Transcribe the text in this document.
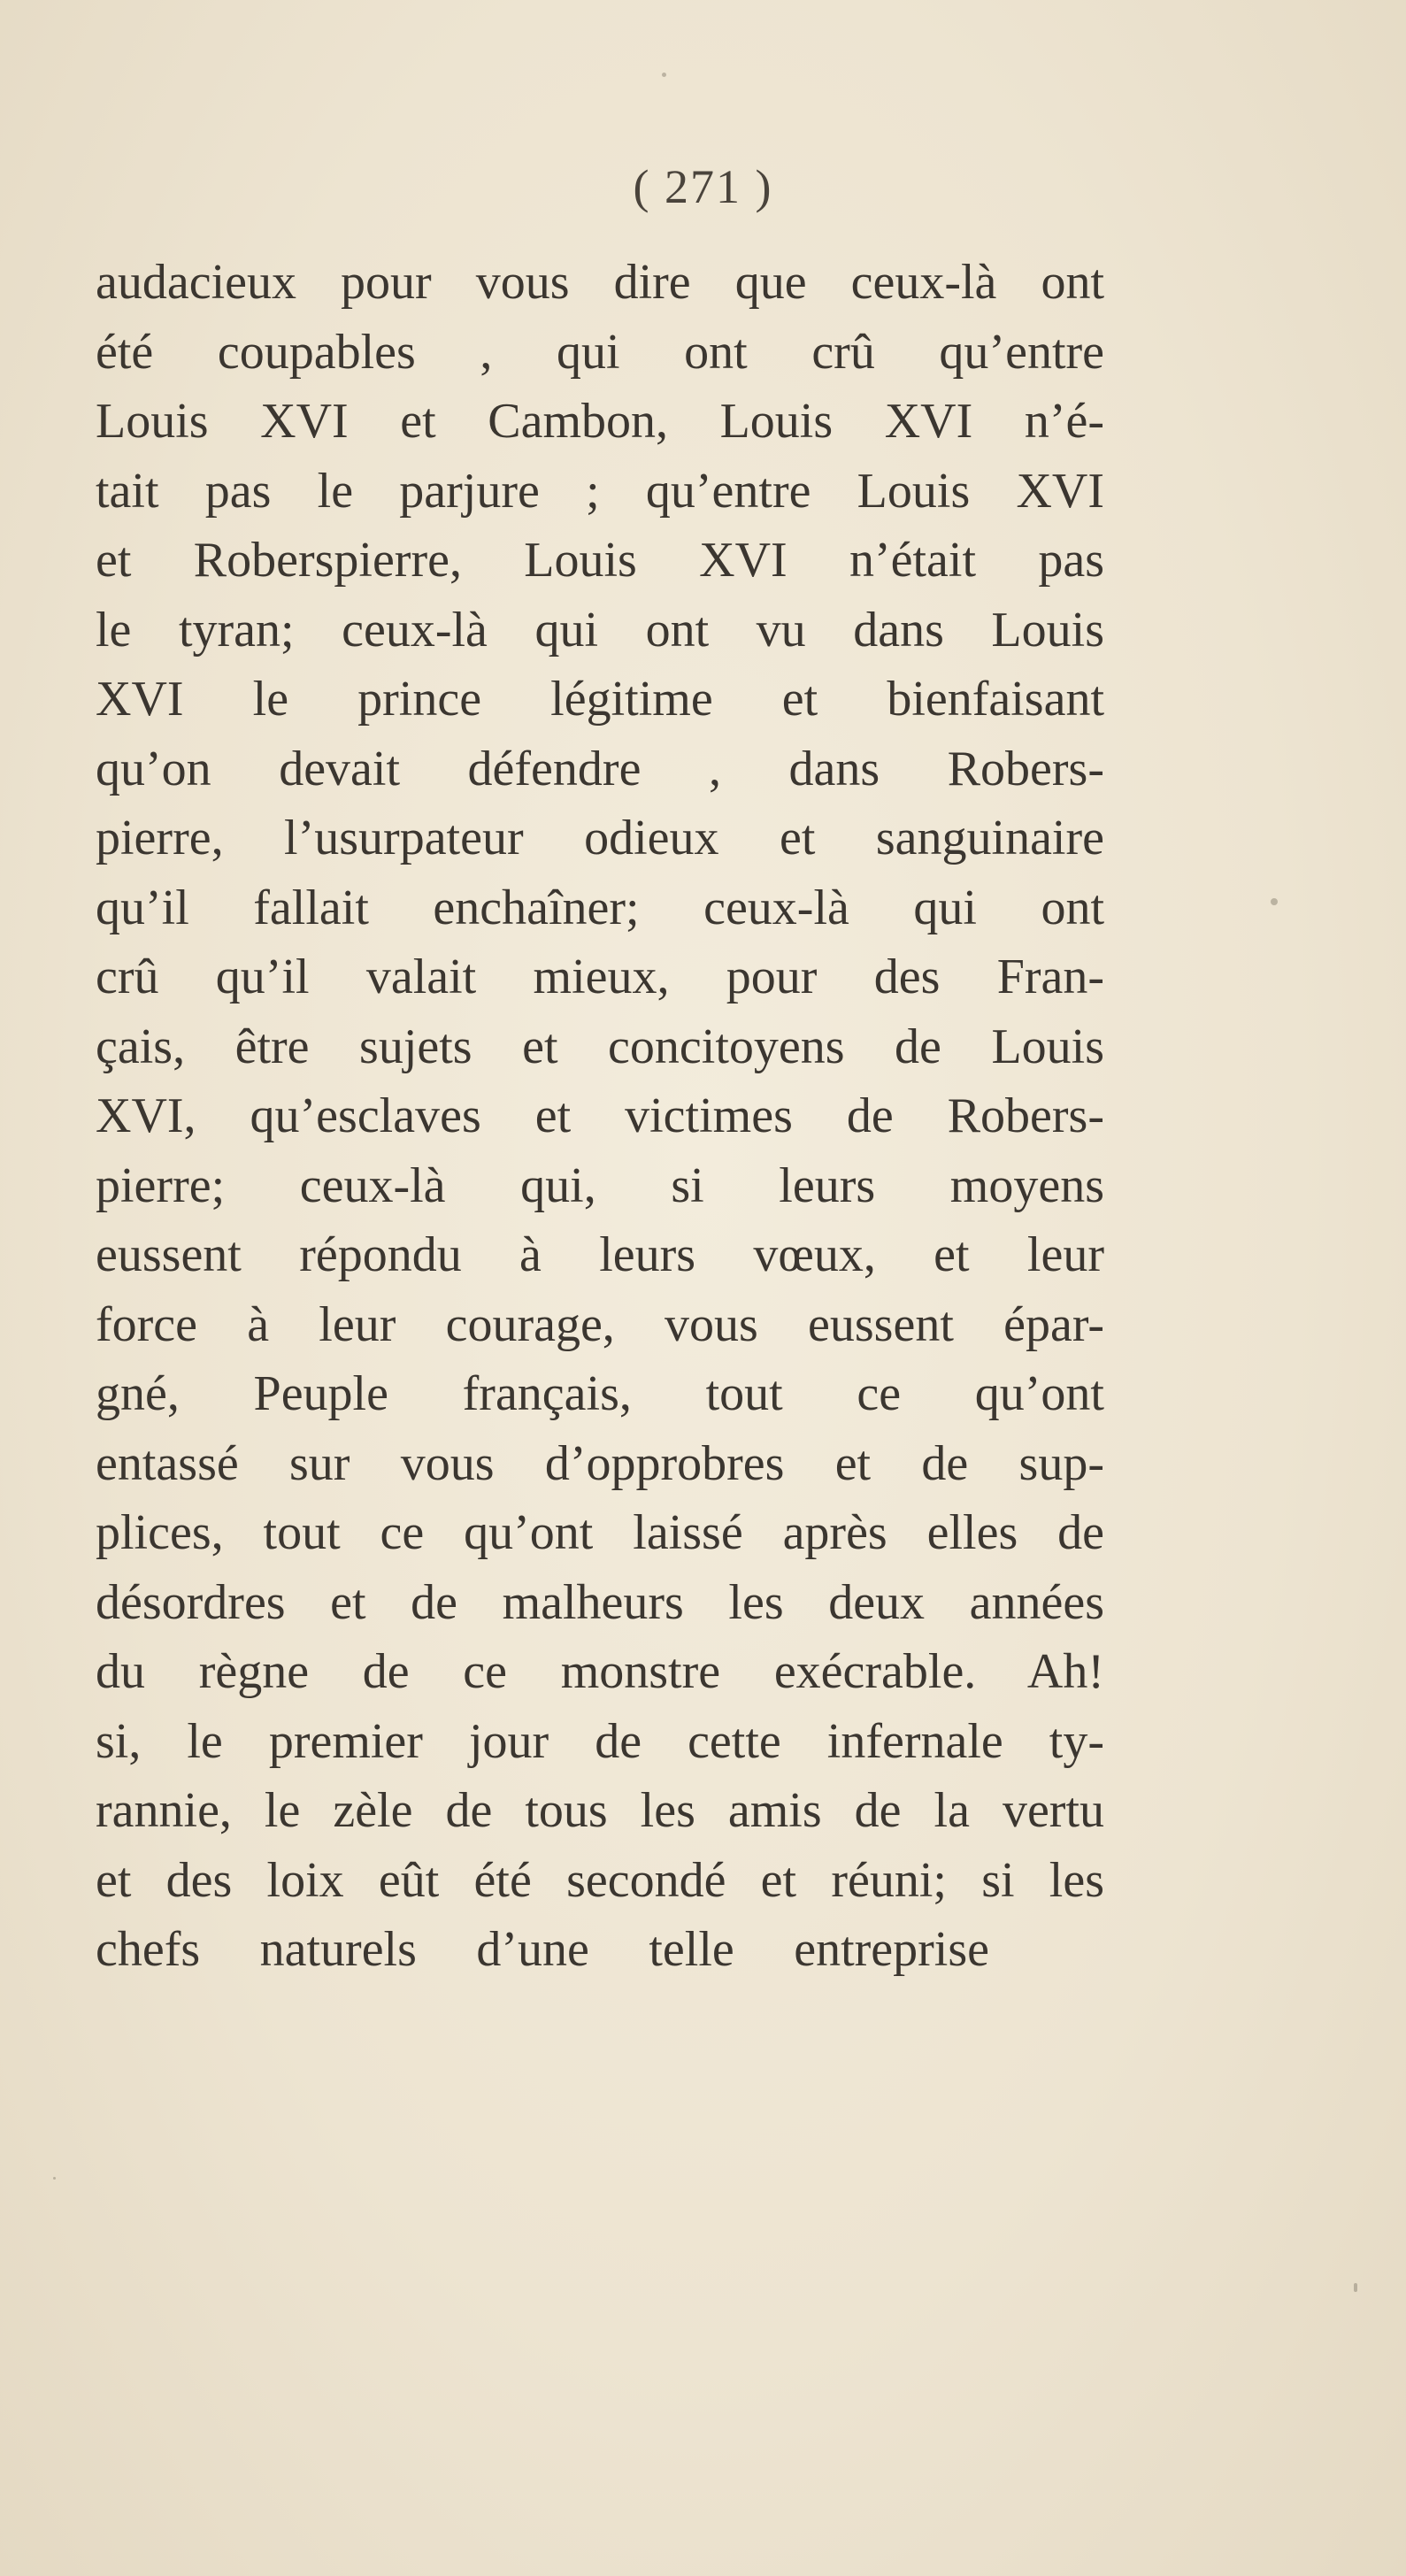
( 271 )
audacieux pour vous dire que ceux-là ont
été coupables , qui ont crû qu’entre
Louis XVI et Cambon, Louis XVI n’é-
tait pas le parjure ; qu’entre Louis XVI
et Roberspierre, Louis XVI n’était pas
le tyran; ceux-là qui ont vu dans Louis
XVI le prince légitime et bienfaisant
qu’on devait défendre , dans Robers-
pierre, l’usurpateur odieux et sanguinaire
qu’il fallait enchaîner; ceux-là qui ont
crû qu’il valait mieux, pour des Fran-
çais, être sujets et concitoyens de Louis
XVI, qu’esclaves et victimes de Robers-
pierre; ceux-là qui, si leurs moyens
eussent répondu à leurs vœux, et leur
force à leur courage, vous eussent épar-
gné, Peuple français, tout ce qu’ont
entassé sur vous d’opprobres et de sup-
plices, tout ce qu’ont laissé après elles de
désordres et de malheurs les deux années
du règne de ce monstre exécrable. Ah!
si, le premier jour de cette infernale ty-
rannie, le zèle de tous les amis de la vertu
et des loix eût été secondé et réuni; si les
chefs naturels d’une telle entreprise
